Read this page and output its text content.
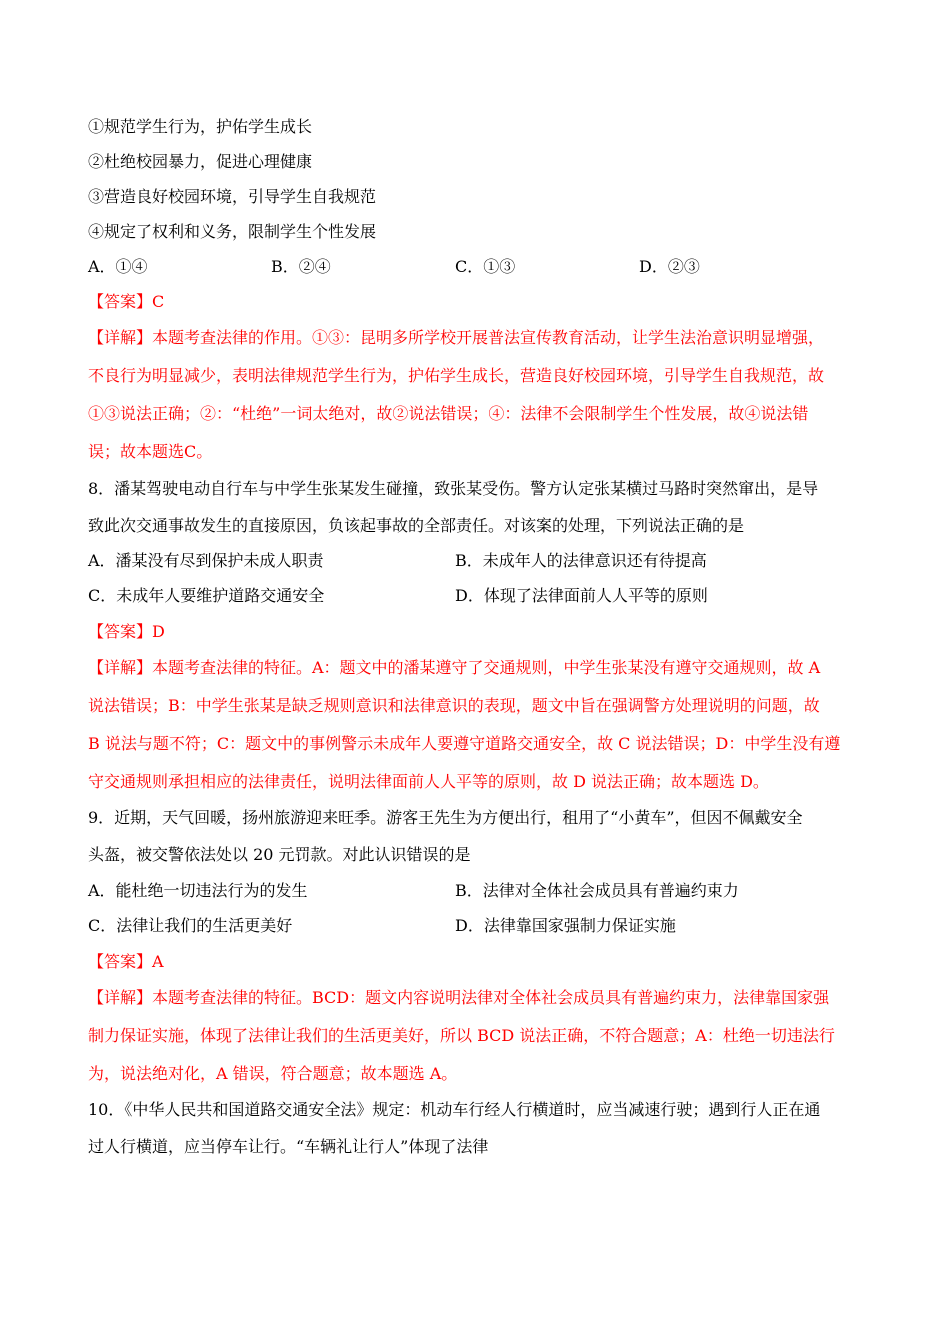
①规范学生行为，护佑学生成长
②杜绝校园暴力，促进心理健康
③营造良好校园环境，引导学生自我规范
④规定了权利和义务，限制学生个性发展
A．①④	B．②④	C．①③	D．②③
【答案】C
【详解】本题考查法律的作用。①③：昆明多所学校开展普法宣传教育活动，让学生法治意识明显增强，
不良行为明显减少，表明法律规范学生行为，护佑学生成长，营造良好校园环境，引导学生自我规范，故
①③说法正确；②：“杜绝”一词太绝对，故②说法错误；④：法律不会限制学生个性发展，故④说法错
误；故本题选C。
8．潘某驾驶电动自行车与中学生张某发生碰撞，致张某受伤。警方认定张某横过马路时突然窜出，是导
致此次交通事故发生的直接原因，负该起事故的全部责任。对该案的处理，下列说法正确的是
A．潘某没有尽到保护未成人职责	B．未成年人的法律意识还有待提高
C．未成年人要维护道路交通安全	D．体现了法律面前人人平等的原则
【答案】D
【详解】本题考查法律的特征。A：题文中的潘某遵守了交通规则，中学生张某没有遵守交通规则，故 A
说法错误；B：中学生张某是缺乏规则意识和法律意识的表现，题文中旨在强调警方处理说明的问题，故
B 说法与题不符；C：题文中的事例警示未成年人要遵守道路交通安全，故 C 说法错误；D：中学生没有遵
守交通规则承担相应的法律责任，说明法律面前人人平等的原则，故 D 说法正确；故本题选 D。
9．近期，天气回暖，扬州旅游迎来旺季。游客王先生为方便出行，租用了“小黄车”，但因不佩戴安全
头盔，被交警依法处以 20 元罚款。对此认识错误的是
A．能杜绝一切违法行为的发生	B．法律对全体社会成员具有普遍约束力
C．法律让我们的生活更美好	D．法律靠国家强制力保证实施
【答案】A
【详解】本题考查法律的特征。BCD：题文内容说明法律对全体社会成员具有普遍约束力，法律靠国家强
制力保证实施，体现了法律让我们的生活更美好，所以 BCD 说法正确，不符合题意；A：杜绝一切违法行
为，说法绝对化，A 错误，符合题意；故本题选 A。
10．《中华人民共和国道路交通安全法》规定：机动车行经人行横道时，应当减速行驶；遇到行人正在通
过人行横道，应当停车让行。“车辆礼让行人”体现了法律
